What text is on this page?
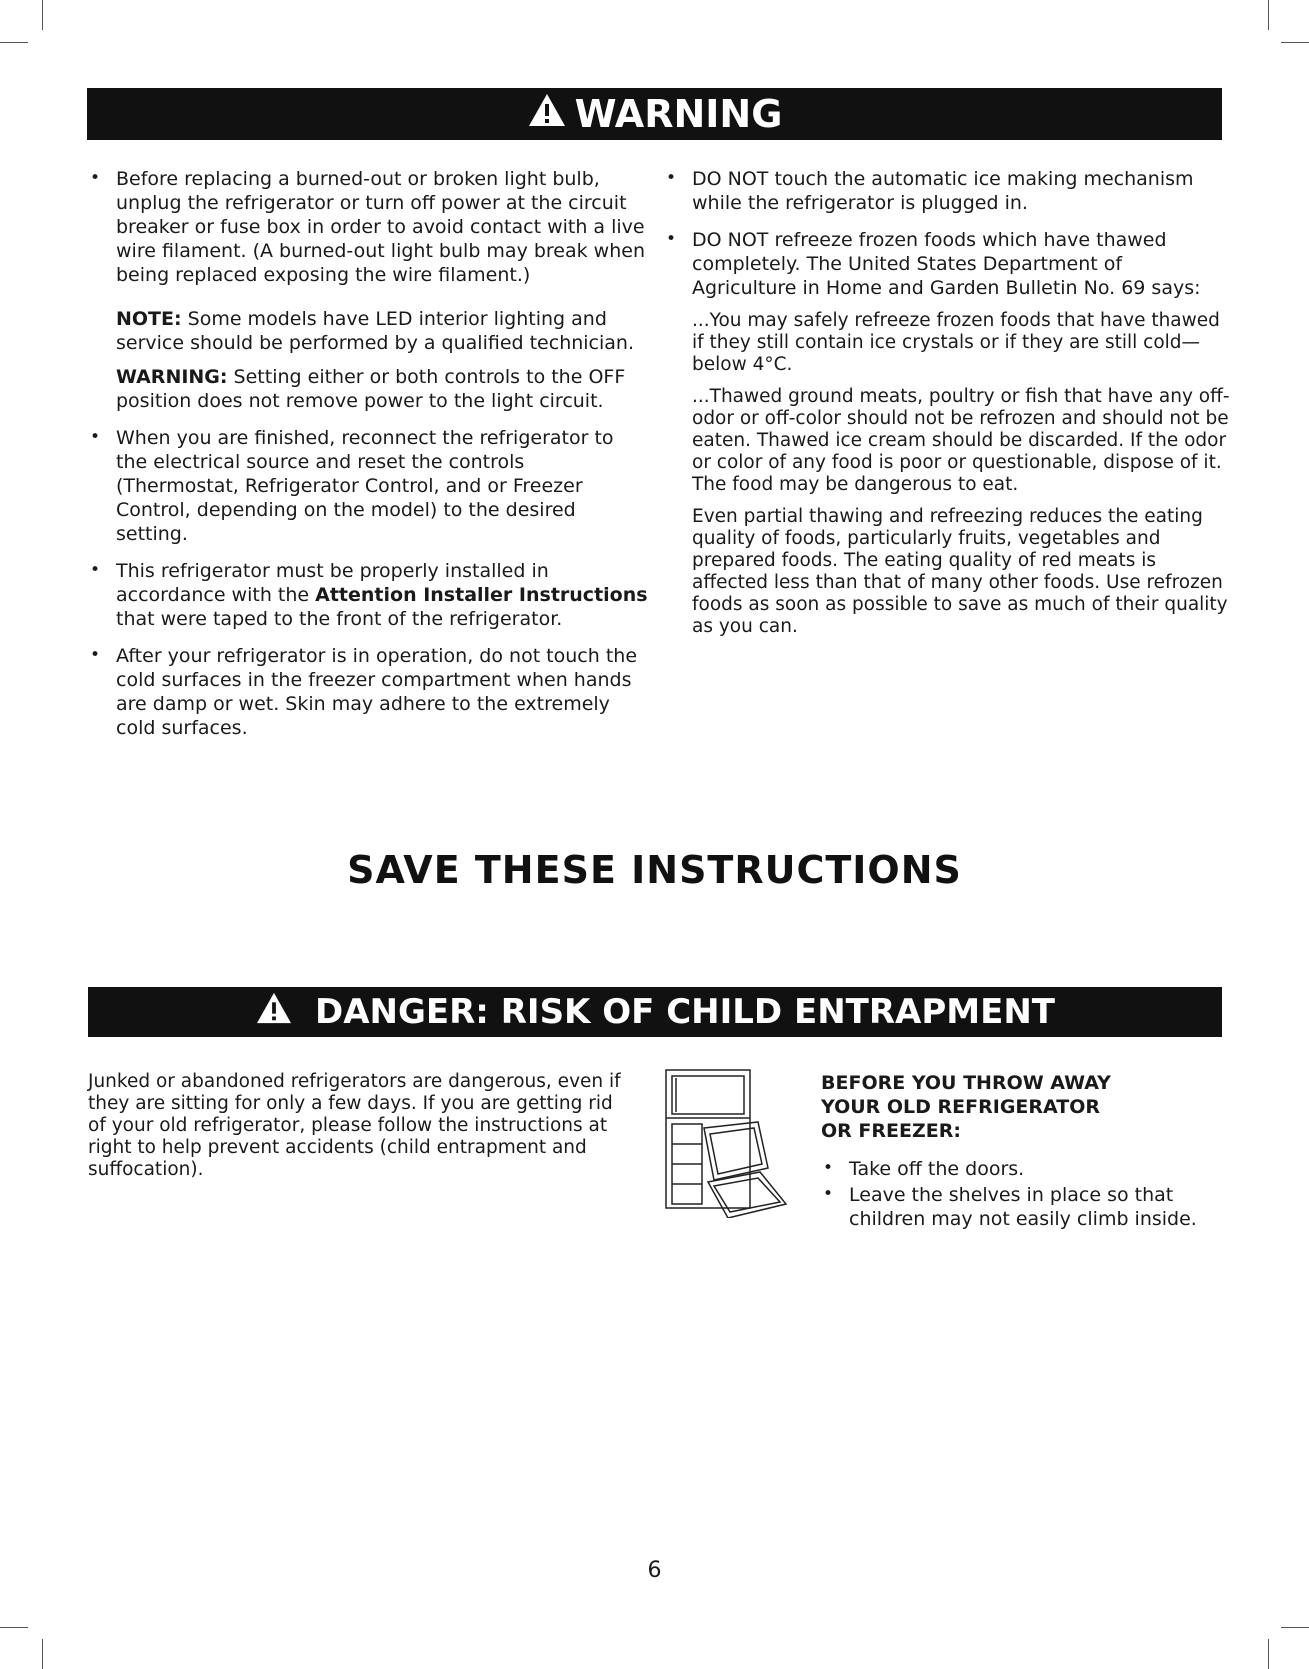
WARNING
• Before replacing a burned-out or broken light bulb, unplug the refrigerator or turn off power at the circuit breaker or fuse box in order to avoid contact with a live wire filament. (A burned-out light bulb may break when being replaced exposing the wire filament.)

NOTE: Some models have LED interior lighting and service should be performed by a qualified technician.

WARNING: Setting either or both controls to the OFF position does not remove power to the light circuit.

• When you are finished, reconnect the refrigerator to the electrical source and reset the controls (Thermostat, Refrigerator Control, and or Freezer Control, depending on the model) to the desired setting.
• This refrigerator must be properly installed in accordance with the Attention Installer Instructions that were taped to the front of the refrigerator.
• After your refrigerator is in operation, do not touch the cold surfaces in the freezer compartment when hands are damp or wet. Skin may adhere to the extremely cold surfaces.
• DO NOT touch the automatic ice making mechanism while the refrigerator is plugged in.
• DO NOT refreeze frozen foods which have thawed completely. The United States Department of Agriculture in Home and Garden Bulletin No. 69 says:

...You may safely refreeze frozen foods that have thawed if they still contain ice crystals or if they are still cold—below 4°C.

...Thawed ground meats, poultry or fish that have any off-odor or off-color should not be refrozen and should not be eaten. Thawed ice cream should be discarded. If the odor or color of any food is poor or questionable, dispose of it. The food may be dangerous to eat.

Even partial thawing and refreezing reduces the eating quality of foods, particularly fruits, vegetables and prepared foods. The eating quality of red meats is affected less than that of many other foods. Use refrozen foods as soon as possible to save as much of their quality as you can.

SAVE THESE INSTRUCTIONS
DANGER: RISK OF CHILD ENTRAPMENT
Junked or abandoned refrigerators are dangerous, even if they are sitting for only a few days. If you are getting rid of your old refrigerator, please follow the instructions at right to help prevent accidents (child entrapment and suffocation).
BEFORE YOU THROW AWAY
YOUR OLD REFRIGERATOR
OR FREEZER:
• Take off the doors.
• Leave the shelves in place so that children may not easily climb inside.
6
